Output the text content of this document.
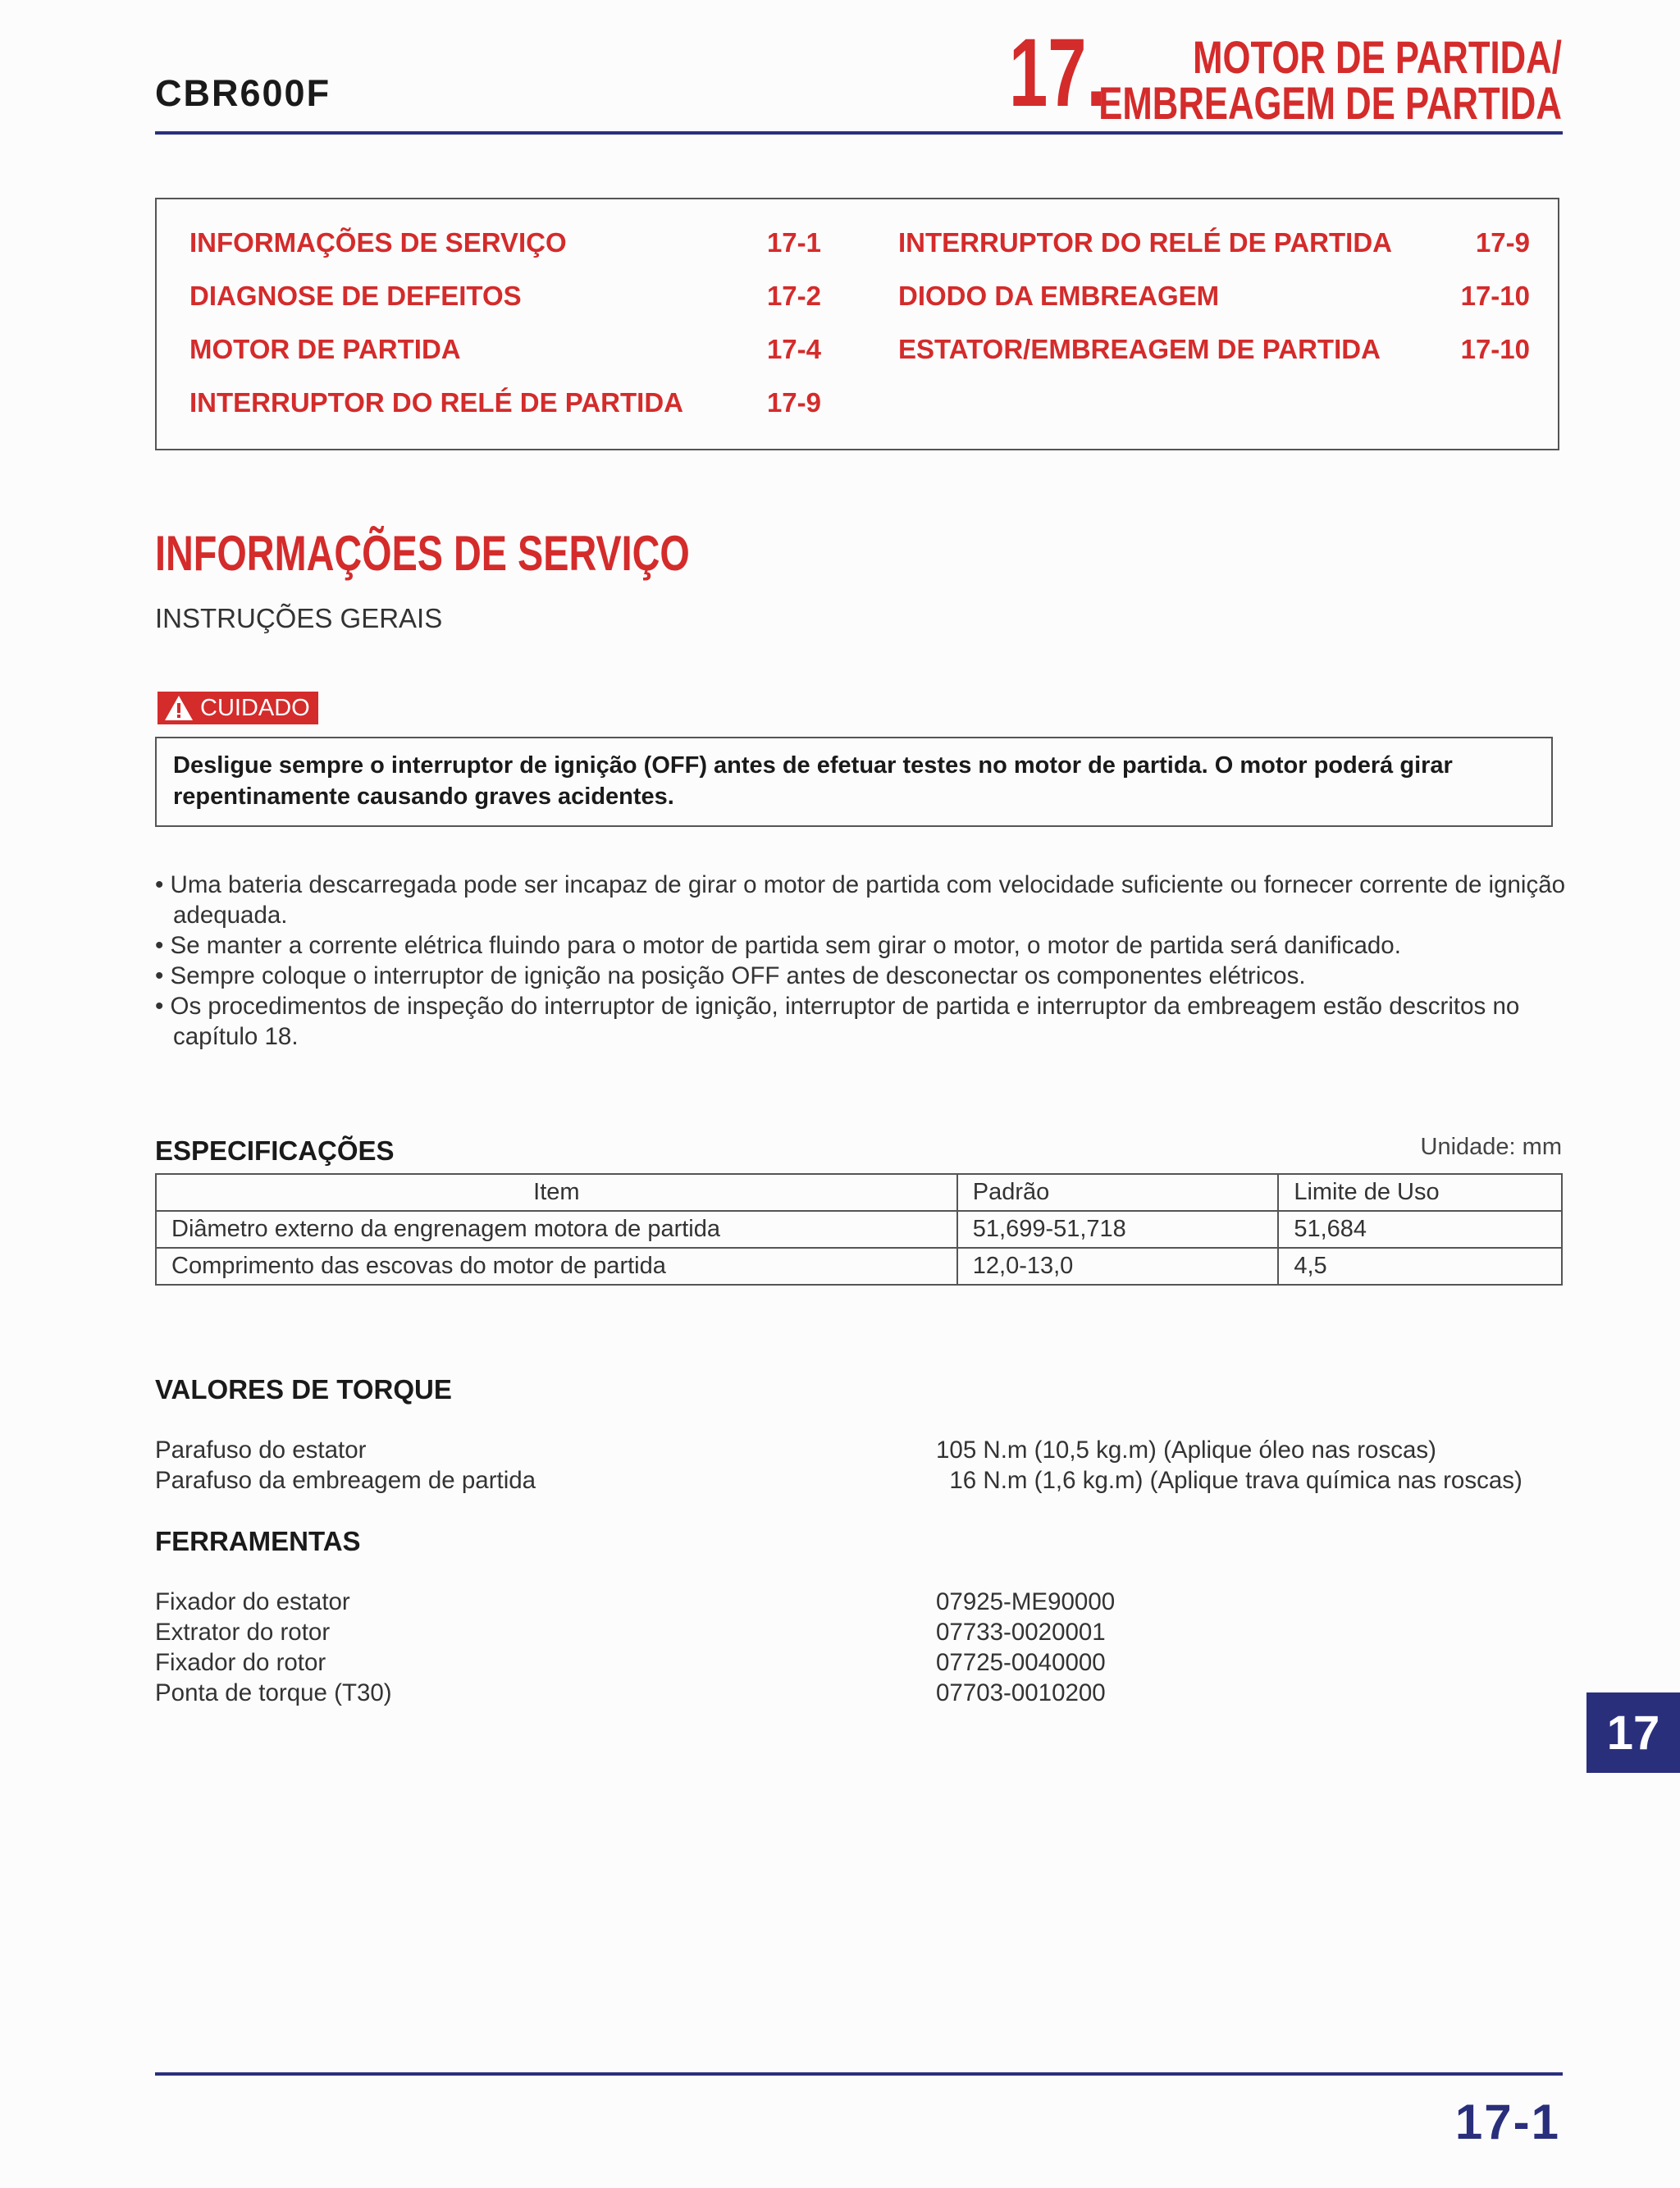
CBR600F	17.	MOTOR DE PARTIDA/
EMBREAGEM DE PARTIDA
INFORMAÇÕES DE SERVIÇO	17-1
DIAGNOSE DE DEFEITOS	17-2
MOTOR DE PARTIDA	17-4
INTERRUPTOR DO RELÉ DE PARTIDA	17-9
INTERRUPTOR DO RELÉ DE PARTIDA	17-9
DIODO DA EMBREAGEM	17-10
ESTATOR/EMBREAGEM DE PARTIDA	17-10
INFORMAÇÕES DE SERVIÇO
INSTRUÇÕES GERAIS
CUIDADO
Desligue sempre o interruptor de ignição (OFF) antes de efetuar testes no motor de partida. O motor poderá girar repentinamente causando graves acidentes.
• Uma bateria descarregada pode ser incapaz de girar o motor de partida com velocidade suficiente ou fornecer corrente de ignição adequada.
• Se manter a corrente elétrica fluindo para o motor de partida sem girar o motor, o motor de partida será danificado.
• Sempre coloque o interruptor de ignição na posição OFF antes de desconectar os componentes elétricos.
• Os procedimentos de inspeção do interruptor de ignição, interruptor de partida e interruptor da embreagem estão descritos no capítulo 18.
ESPECIFICAÇÕES	Unidade: mm
Item	Padrão	Limite de Uso
Diâmetro externo da engrenagem motora de partida	51,699-51,718	51,684
Comprimento das escovas do motor de partida	12,0-13,0	4,5
VALORES DE TORQUE
Parafuso do estator	105 N.m (10,5 kg.m) (Aplique óleo nas roscas)
Parafuso da embreagem de partida	16 N.m (1,6 kg.m) (Aplique trava química nas roscas)
FERRAMENTAS
Fixador do estator	07925-ME90000
Extrator do rotor	07733-0020001
Fixador do rotor	07725-0040000
Ponta de torque (T30)	07703-0010200
17
17-1
